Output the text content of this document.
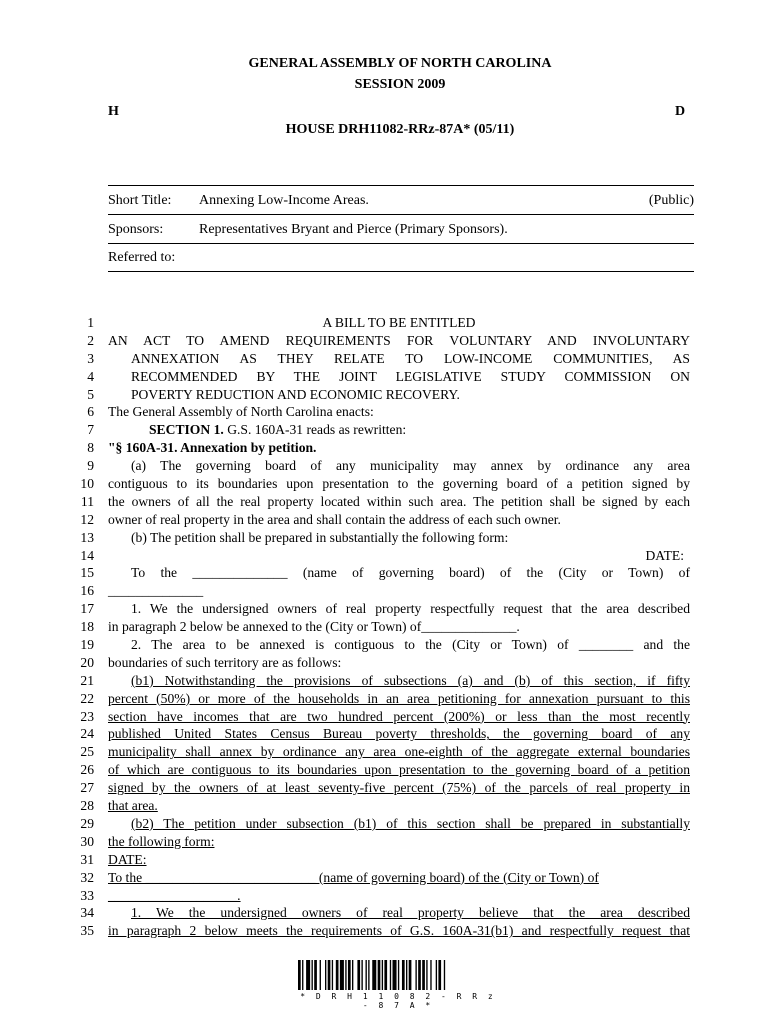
GENERAL ASSEMBLY OF NORTH CAROLINA
SESSION 2009
H	D
HOUSE DRH11082-RRz-87A* (05/11)
Short Title: Annexing Low-Income Areas.	(Public)
Sponsors:	Representatives Bryant and Pierce (Primary Sponsors).
Referred to:
1	A BILL TO BE ENTITLED
2 AN ACT TO AMEND REQUIREMENTS FOR VOLUNTARY AND INVOLUNTARY
3	ANNEXATION AS THEY RELATE TO LOW-INCOME COMMUNITIES, AS
4	RECOMMENDED BY THE JOINT LEGISLATIVE STUDY COMMISSION ON
5	POVERTY REDUCTION AND ECONOMIC RECOVERY.
6 The General Assembly of North Carolina enacts:
7	SECTION 1. G.S. 160A-31 reads as rewritten:
8 "§ 160A-31. Annexation by petition.
9	(a) The governing board of any municipality may annex by ordinance any area
10 contiguous to its boundaries upon presentation to the governing board of a petition signed by
11 the owners of all the real property located within such area. The petition shall be signed by each
12 owner of real property in the area and shall contain the address of each such owner.
13	(b) The petition shall be prepared in substantially the following form:
14	DATE:
15	To the ______________ (name of governing board) of the (City or Town) of
16 ______________
17	1. We the undersigned owners of real property respectfully request that the area described
18 in paragraph 2 below be annexed to the (City or Town) of______________.
19	2. The area to be annexed is contiguous to the (City or Town) of ________ and the
20 boundaries of such territory are as follows:
21	(b1) Notwithstanding the provisions of subsections (a) and (b) of this section, if fifty
22 percent (50%) or more of the households in an area petitioning for annexation pursuant to this
23 section have incomes that are two hundred percent (200%) or less than the most recently
24 published United States Census Bureau poverty thresholds, the governing board of any
25 municipality shall annex by ordinance any area one-eighth of the aggregate external boundaries
26 of which are contiguous to its boundaries upon presentation to the governing board of a petition
27 signed by the owners of at least seventy-five percent (75%) of the parcels of real property in
28 that area.
29	(b2) The petition under subsection (b1) of this section shall be prepared in substantially
30 the following form:
31 DATE:
32 To the _________________________ (name of governing board) of the (City or Town) of
33 ___________________.
34	1. We the undersigned owners of real property believe that the area described
35 in paragraph 2 below meets the requirements of G.S. 160A-31(b1) and respectfully request that
* D R H 1 1 0 8 2 - R R z - 8 7 A *
